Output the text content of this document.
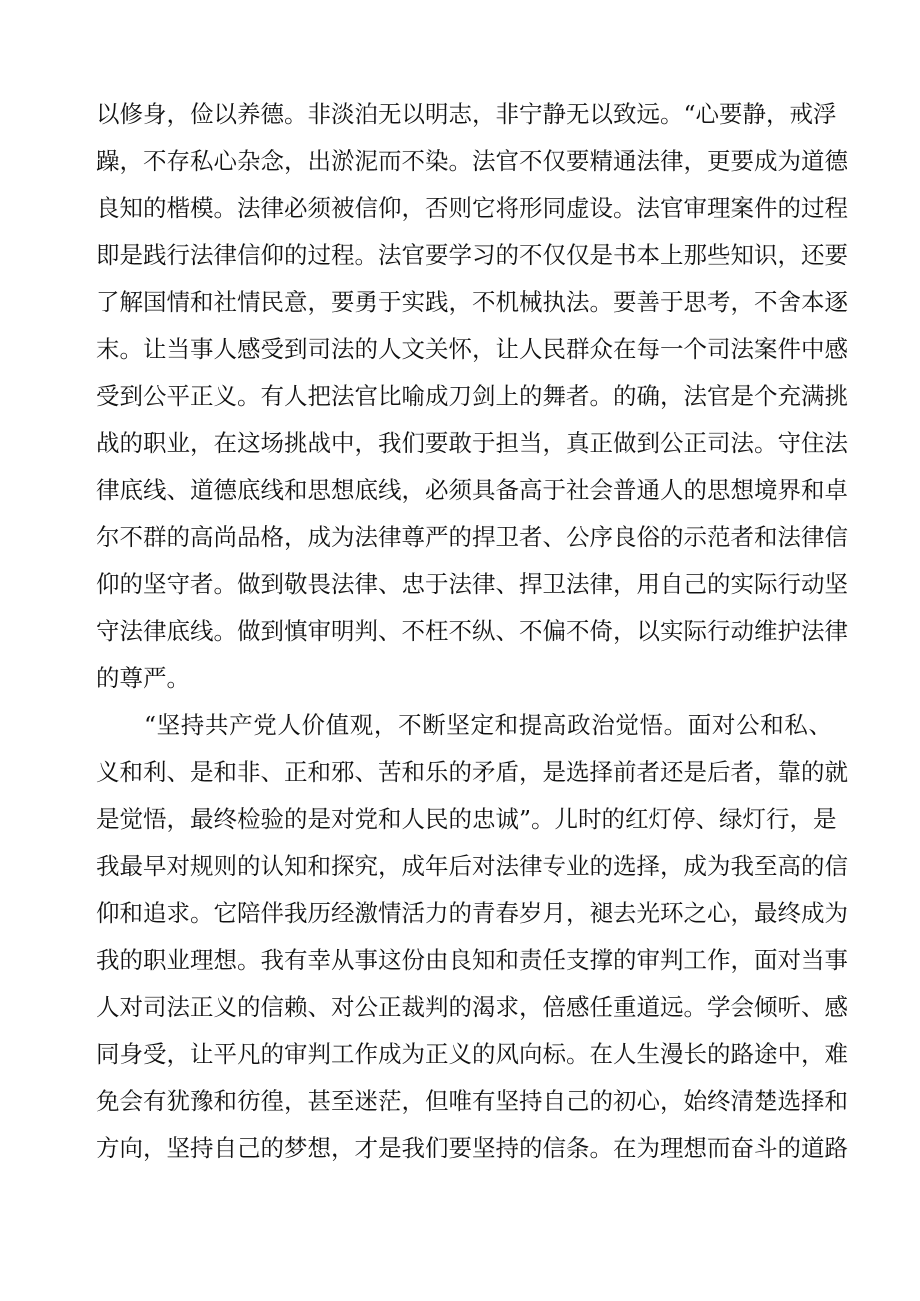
以修身，俭以养德。非淡泊无以明志，非宁静无以致远。“心要静，戒浮
躁，不存私心杂念，出淤泥而不染。法官不仅要精通法律，更要成为道德
良知的楷模。法律必须被信仰，否则它将形同虚设。法官审理案件的过程
即是践行法律信仰的过程。法官要学习的不仅仅是书本上那些知识，还要
了解国情和社情民意，要勇于实践，不机械执法。要善于思考，不舍本逐
末。让当事人感受到司法的人文关怀，让人民群众在每一个司法案件中感
受到公平正义。有人把法官比喻成刀剑上的舞者。的确，法官是个充满挑
战的职业，在这场挑战中，我们要敢于担当，真正做到公正司法。守住法
律底线、道德底线和思想底线，必须具备高于社会普通人的思想境界和卓
尔不群的高尚品格，成为法律尊严的捍卫者、公序良俗的示范者和法律信
仰的坚守者。做到敬畏法律、忠于法律、捍卫法律，用自己的实际行动坚
守法律底线。做到慎审明判、不枉不纵、不偏不倚，以实际行动维护法律
的尊严。
“坚持共产党人价值观，不断坚定和提高政治觉悟。面对公和私、
义和利、是和非、正和邪、苦和乐的矛盾，是选择前者还是后者，靠的就
是觉悟，最终检验的是对党和人民的忠诚”。儿时的红灯停、绿灯行，是
我最早对规则的认知和探究，成年后对法律专业的选择，成为我至高的信
仰和追求。它陪伴我历经激情活力的青春岁月，褪去光环之心，最终成为
我的职业理想。我有幸从事这份由良知和责任支撑的审判工作，面对当事
人对司法正义的信赖、对公正裁判的渴求，倍感任重道远。学会倾听、感
同身受，让平凡的审判工作成为正义的风向标。在人生漫长的路途中，难
免会有犹豫和彷徨，甚至迷茫，但唯有坚持自己的初心，始终清楚选择和
方向，坚持自己的梦想，才是我们要坚持的信条。在为理想而奋斗的道路
